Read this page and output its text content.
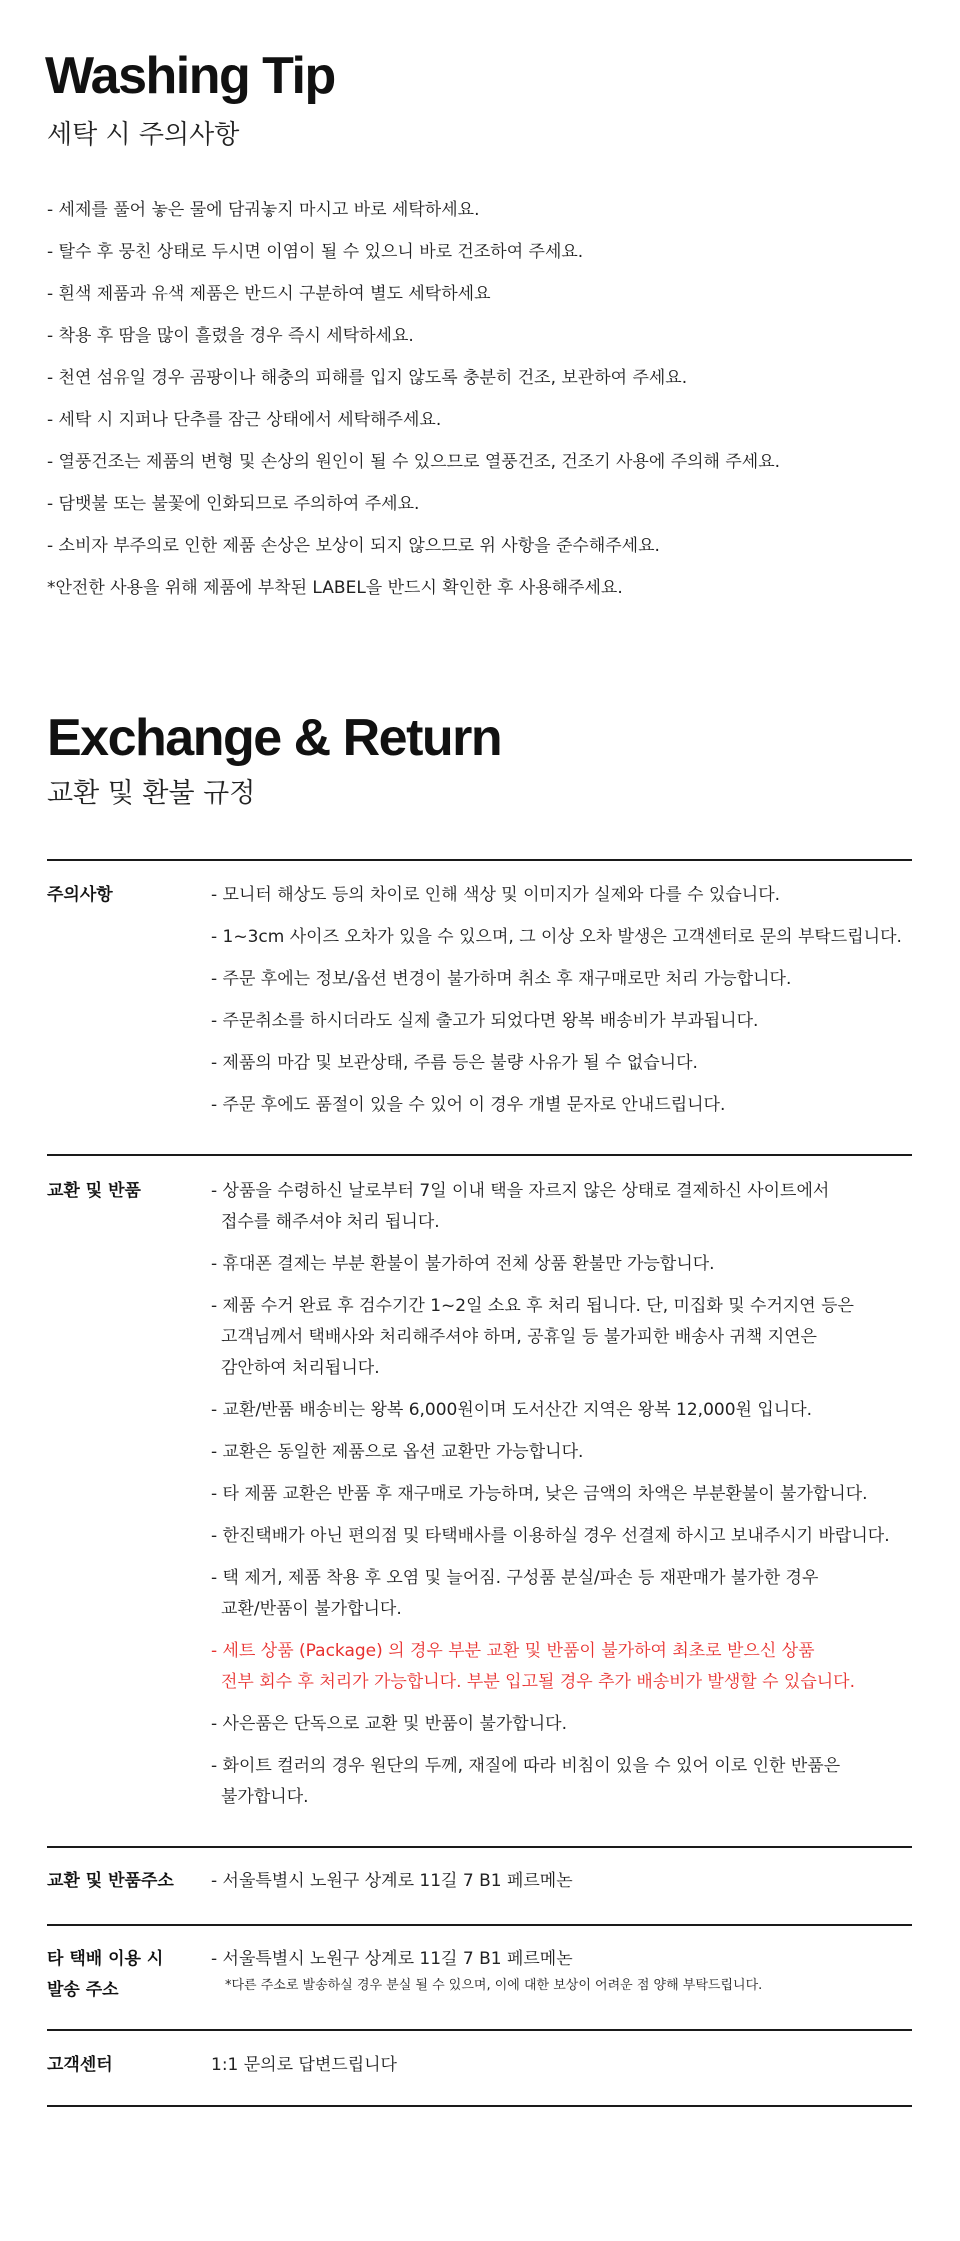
Washing Tip
세탁 시 주의사항
- 세제를 풀어 놓은 물에 담궈놓지 마시고 바로 세탁하세요.
- 탈수 후 뭉친 상태로 두시면 이염이 될 수 있으니 바로 건조하여 주세요.
- 흰색 제품과 유색 제품은 반드시 구분하여 별도 세탁하세요
- 착용 후 땀을 많이 흘렸을 경우 즉시 세탁하세요.
- 천연 섬유일 경우 곰팡이나 해충의 피해를 입지 않도록 충분히 건조, 보관하여 주세요.
- 세탁 시 지퍼나 단추를 잠근 상태에서 세탁해주세요.
- 열풍건조는 제품의 변형 및 손상의 원인이 될 수 있으므로 열풍건조, 건조기 사용에 주의해 주세요.
- 담뱃불 또는 불꽃에 인화되므로 주의하여 주세요.
- 소비자 부주의로 인한 제품 손상은 보상이 되지 않으므로 위 사항을 준수해주세요.
*안전한 사용을 위해 제품에 부착된 LABEL을 반드시 확인한 후 사용해주세요.
Exchange & Return
교환 및 환불 규정
주의사항	- 모니터 해상도 등의 차이로 인해 색상 및 이미지가 실제와 다를 수 있습니다.
- 1~3cm 사이즈 오차가 있을 수 있으며, 그 이상 오차 발생은 고객센터로 문의 부탁드립니다.
- 주문 후에는 정보/옵션 변경이 불가하며 취소 후 재구매로만 처리 가능합니다.
- 주문취소를 하시더라도 실제 출고가 되었다면 왕복 배송비가 부과됩니다.
- 제품의 마감 및 보관상태, 주름 등은 불량 사유가 될 수 없습니다.
- 주문 후에도 품절이 있을 수 있어 이 경우 개별 문자로 안내드립니다.
교환 및 반품	- 상품을 수령하신 날로부터 7일 이내 택을 자르지 않은 상태로 결제하신 사이트에서
접수를 해주셔야 처리 됩니다.
- 휴대폰 결제는 부분 환불이 불가하여 전체 상품 환불만 가능합니다.
- 제품 수거 완료 후 검수기간 1~2일 소요 후 처리 됩니다. 단, 미집화 및 수거지연 등은
고객님께서 택배사와 처리해주셔야 하며, 공휴일 등 불가피한 배송사 귀책 지연은
감안하여 처리됩니다.
- 교환/반품 배송비는 왕복 6,000원이며 도서산간 지역은 왕복 12,000원 입니다.
- 교환은 동일한 제품으로 옵션 교환만 가능합니다.
- 타 제품 교환은 반품 후 재구매로 가능하며, 낮은 금액의 차액은 부분환불이 불가합니다.
- 한진택배가 아닌 편의점 및 타택배사를 이용하실 경우 선결제 하시고 보내주시기 바랍니다.
- 택 제거, 제품 착용 후 오염 및 늘어짐. 구성품 분실/파손 등 재판매가 불가한 경우
교환/반품이 불가합니다.
- 세트 상품 (Package) 의 경우 부분 교환 및 반품이 불가하여 최초로 받으신 상품
전부 회수 후 처리가 가능합니다. 부분 입고될 경우 추가 배송비가 발생할 수 있습니다.
- 사은품은 단독으로 교환 및 반품이 불가합니다.
- 화이트 컬러의 경우 원단의 두께, 재질에 따라 비침이 있을 수 있어 이로 인한 반품은
불가합니다.
교환 및 반품주소 - 서울특별시 노원구 상계로 11길 7 B1 페르메논
타 택배 이용 시
발송 주소
- 서울특별시 노원구 상계로 11길 7 B1 페르메논
*다른 주소로 발송하실 경우 분실 될 수 있으며, 이에 대한 보상이 어려운 점 양해 부탁드립니다.
고객센터	1:1 문의로 답변드립니다
